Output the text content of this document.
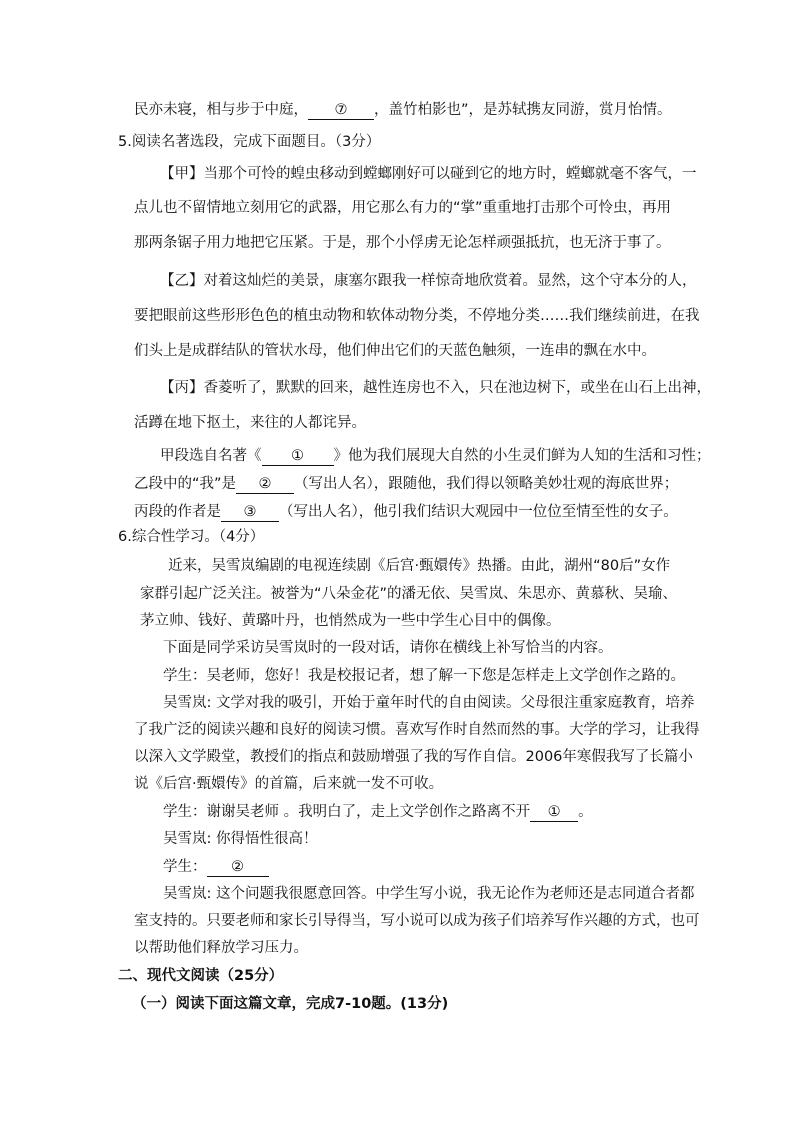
民亦未寝，相与步于中庭， ⑦ ，盖竹柏影也”，是苏轼携友同游，赏月怡情。
5.阅读名著选段，完成下面题目。（3分）
【甲】当那个可怜的蝗虫移动到螳螂刚好可以碰到它的地方时，螳螂就毫不客气，一
点儿也不留情地立刻用它的武器，用它那么有力的“掌”重重地打击那个可怜虫，再用
那两条锯子用力地把它压紧。于是，那个小俘虏无论怎样顽强抵抗，也无济于事了。
【乙】对着这灿烂的美景，康塞尔跟我一样惊奇地欣赏着。显然，这个守本分的人，
要把眼前这些形形色色的植虫动物和软体动物分类，不停地分类……我们继续前进，在我
们头上是成群结队的管状水母，他们伸出它们的天蓝色触须，一连串的飘在水中。
【丙】香菱听了，默默的回来，越性连房也不入，只在池边树下，或坐在山石上出神，
活蹲在地下抠土，来往的人都诧异。
甲段选自名著《 ① 》他为我们展现大自然的小生灵们鲜为人知的生活和习性；
乙段中的“我”是 ② （写出人名），跟随他，我们得以领略美妙壮观的海底世界；
丙段的作者是 ③ （写出人名），他引我们结识大观园中一位位至情至性的女子。
6.综合性学习。（4分）
近来，吴雪岚编剧的电视连续剧《后宫·甄嬛传》热播。由此，湖州“80后”女作
家群引起广泛关注。被誉为“八朵金花”的潘无依、吴雪岚、朱思亦、黄慕秋、吴瑜、
茅立帅、钱好、黄璐叶丹，也悄然成为一些中学生心目中的偶像。
下面是同学采访吴雪岚时的一段对话，请你在横线上补写恰当的内容。
学生：吴老师，您好！我是校报记者，想了解一下您是怎样走上文学创作之路的。
吴雪岚: 文学对我的吸引，开始于童年时代的自由阅读。父母很注重家庭教育，培养
了我广泛的阅读兴趣和良好的阅读习惯。喜欢写作时自然而然的事。大学的学习，让我得
以深入文学殿堂，教授们的指点和鼓励增强了我的写作自信。2006年寒假我写了长篇小
说《后宫·甄嬛传》的首篇，后来就一发不可收。
学生：谢谢吴老师 。我明白了，走上文学创作之路离不开 ① 。
吴雪岚: 你得悟性很高！
学生： ②
吴雪岚: 这个问题我很愿意回答。中学生写小说，我无论作为老师还是志同道合者都
室支持的。只要老师和家长引导得当，写小说可以成为孩子们培养写作兴趣的方式，也可
以帮助他们释放学习压力。
二、现代文阅读（25分）
（一）阅读下面这篇文章，完成7-10题。(13分)
